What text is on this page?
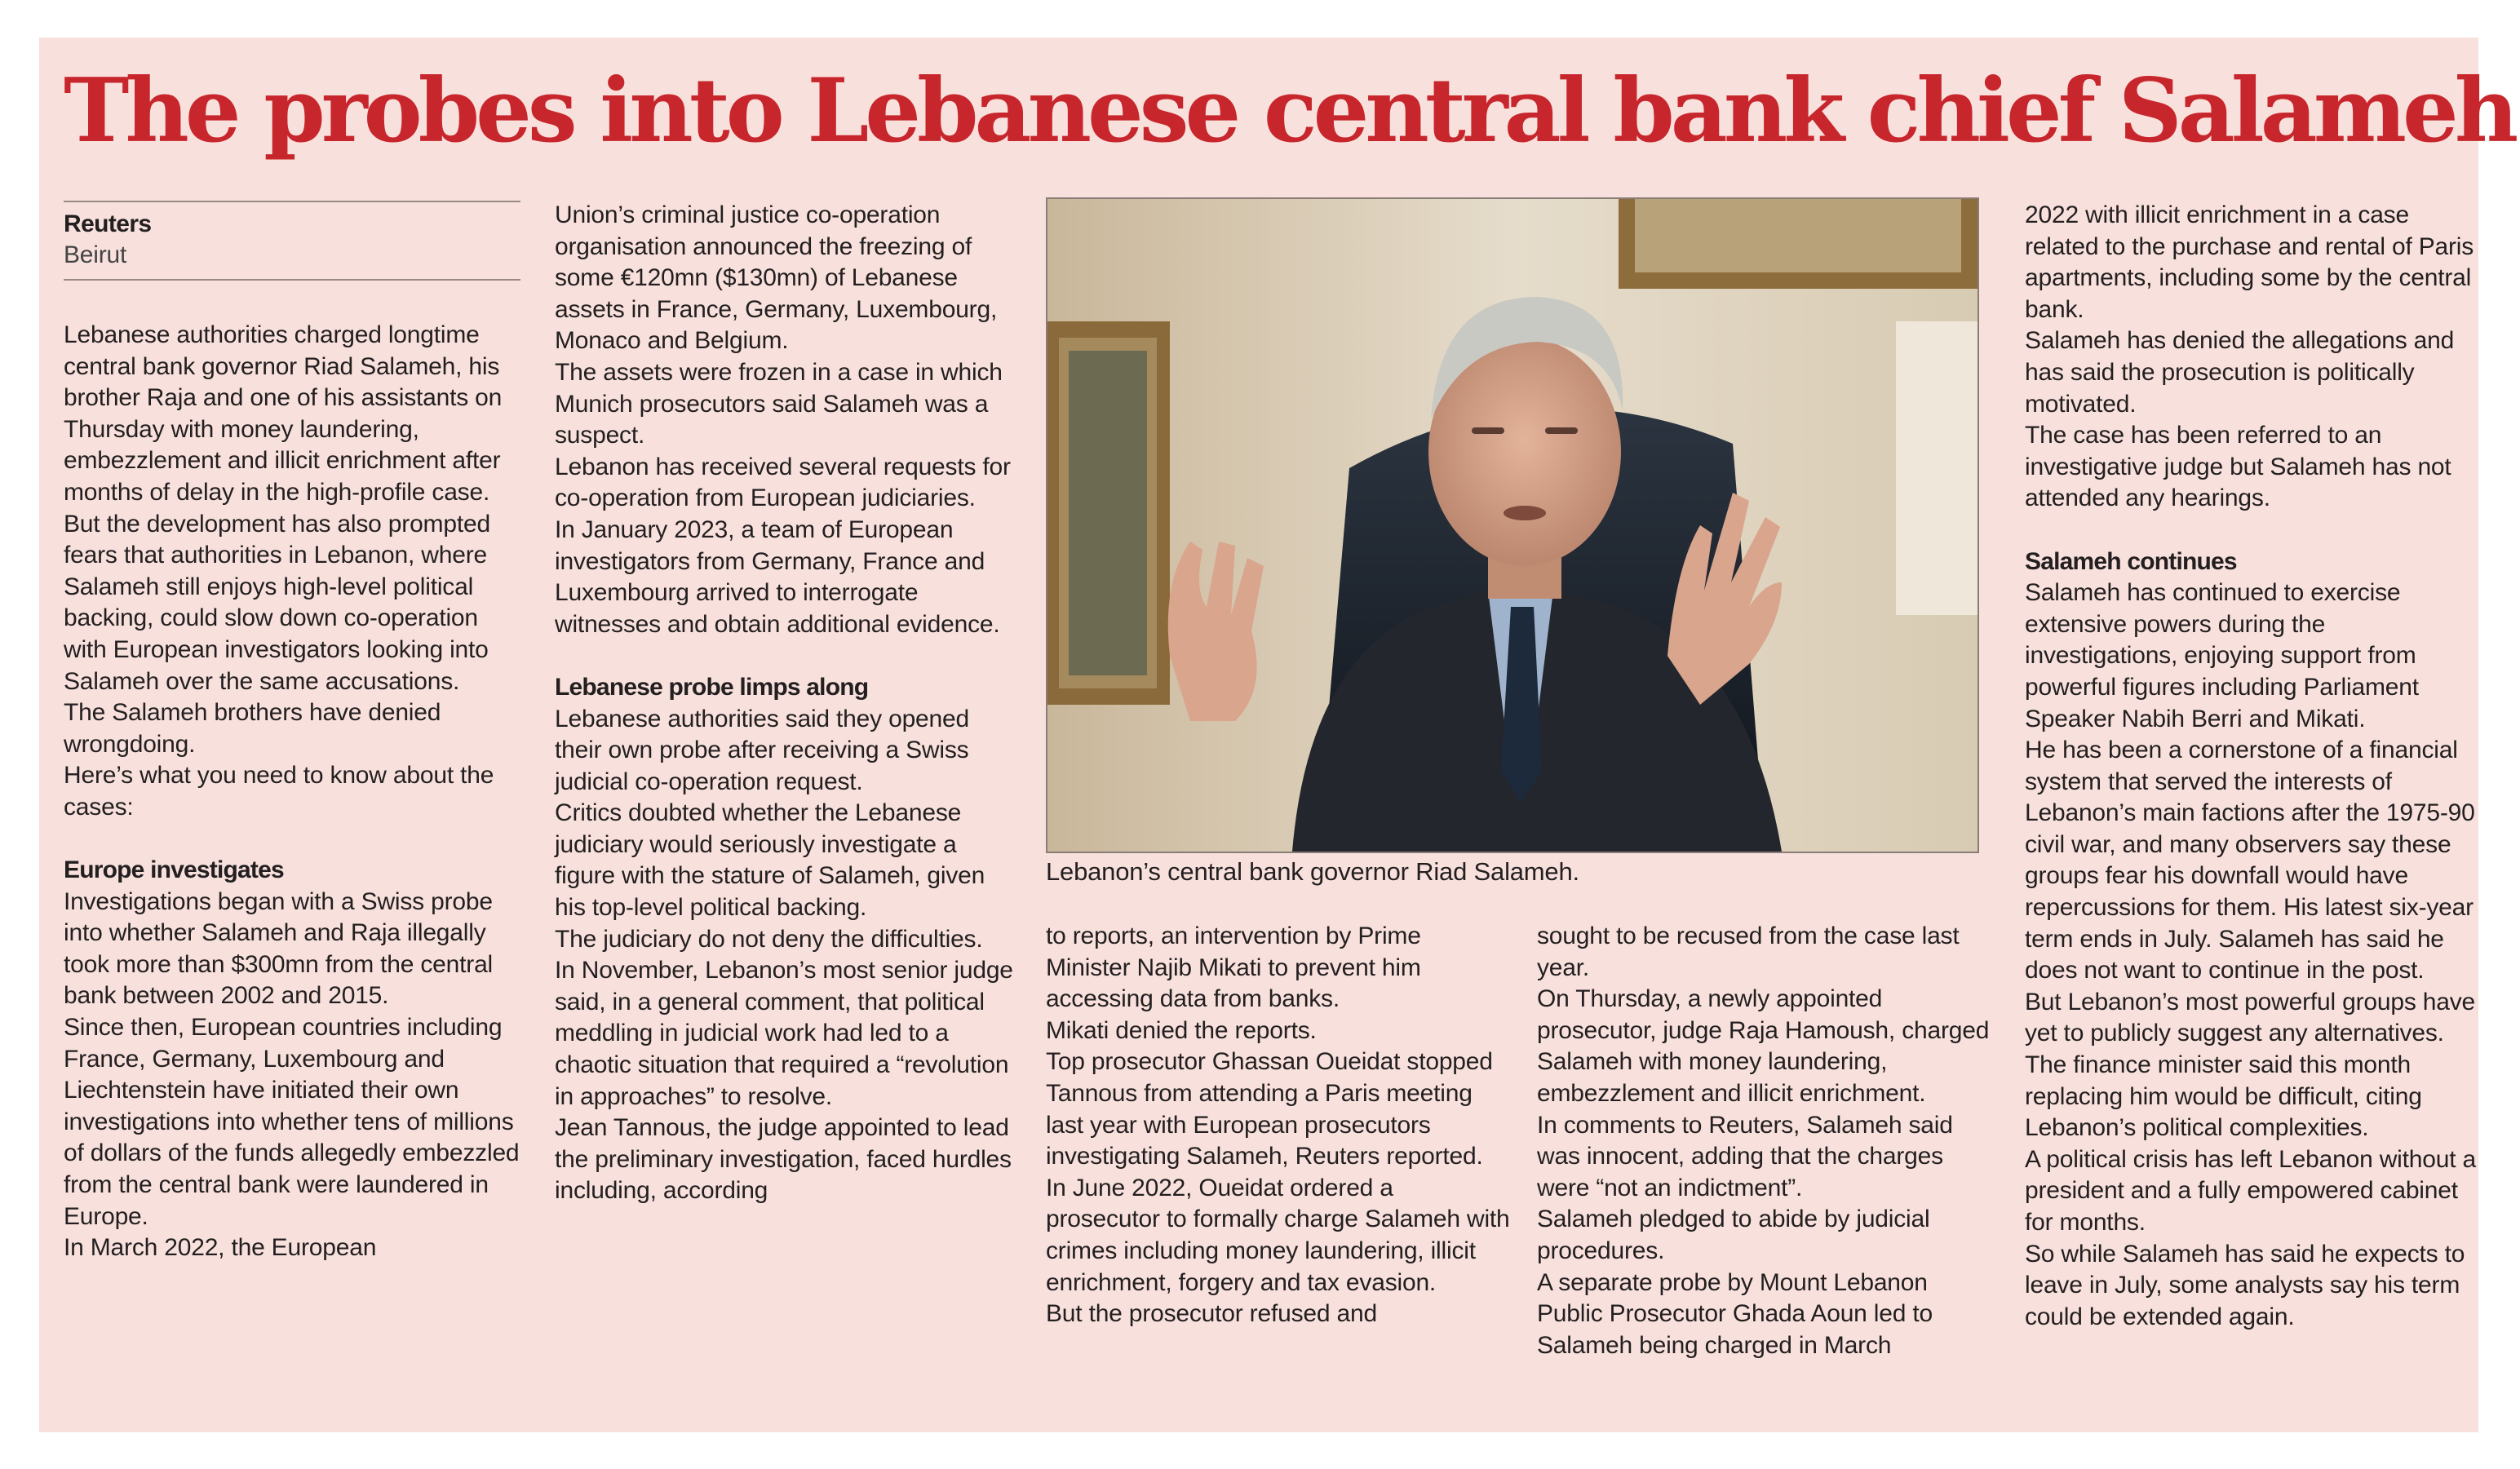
The probes into Lebanese central bank chief Salameh
Reuters
Beirut

Lebanese authorities charged longtime central bank governor Riad Salameh, his brother Raja and one of his assistants on Thursday with money laundering, embezzlement and illicit enrichment after months of delay in the high-profile case.

But the development has also prompted fears that authorities in Lebanon, where Salameh still enjoys high-level political backing, could slow down co-operation with European investigators looking into Salameh over the same accusations.

The Salameh brothers have denied wrongdoing.

Here’s what you need to know about the cases:

Europe investigates

Investigations began with a Swiss probe into whether Salameh and Raja illegally took more than $300mn from the central bank between 2002 and 2015.

Since then, European countries including France, Germany, Luxembourg and Liechtenstein have initiated their own investigations into whether tens of millions of dollars of the funds allegedly embezzled from the central bank were laundered in Europe.

In March 2022, the European

Union’s criminal justice co-operation organisation announced the freezing of some €120mn ($130mn) of Lebanese assets in France, Germany, Luxembourg, Monaco and Belgium.

The assets were frozen in a case in which Munich prosecutors said Salameh was a suspect.

Lebanon has received several requests for co-operation from European judiciaries.

In January 2023, a team of European investigators from Germany, France and Luxembourg arrived to interrogate witnesses and obtain additional evidence.

Lebanese probe limps along

Lebanese authorities said they opened their own probe after receiving a Swiss judicial co-operation request.

Critics doubted whether the Lebanese judiciary would seriously investigate a figure with the stature of Salameh, given his top-level political backing.

The judiciary do not deny the difficulties.

In November, Lebanon’s most senior judge said, in a general comment, that political meddling in judicial work had led to a chaotic situation that required a “revolution in approaches” to resolve.

Jean Tannous, the judge appointed to lead the preliminary investigation, faced hurdles including, according

Lebanon’s central bank governor Riad Salameh.

to reports, an intervention by Prime Minister Najib Mikati to prevent him accessing data from banks.

Mikati denied the reports.

Top prosecutor Ghassan Oueidat stopped Tannous from attending a Paris meeting last year with European prosecutors investigating Salameh, Reuters reported.

In June 2022, Oueidat ordered a prosecutor to formally charge Salameh with crimes including money laundering, illicit enrichment, forgery and tax evasion.

But the prosecutor refused and

sought to be recused from the case last year.

On Thursday, a newly appointed prosecutor, judge Raja Hamoush, charged Salameh with money laundering, embezzlement and illicit enrichment.

In comments to Reuters, Salameh said was innocent, adding that the charges were “not an indictment”.

Salameh pledged to abide by judicial procedures.

A separate probe by Mount Lebanon Public Prosecutor Ghada Aoun led to Salameh being charged in March

2022 with illicit enrichment in a case related to the purchase and rental of Paris apartments, including some by the central bank.

Salameh has denied the allegations and has said the prosecution is politically motivated.

The case has been referred to an investigative judge but Salameh has not attended any hearings.

Salameh continues

Salameh has continued to exercise extensive powers during the investigations, enjoying support from powerful figures including Parliament Speaker Nabih Berri and Mikati.

He has been a cornerstone of a financial system that served the interests of Lebanon’s main factions after the 1975-90 civil war, and many observers say these groups fear his downfall would have repercussions for them. His latest six-year term ends in July. Salameh has said he does not want to continue in the post.

But Lebanon’s most powerful groups have yet to publicly suggest any alternatives.

The finance minister said this month replacing him would be difficult, citing Lebanon’s political complexities.

A political crisis has left Lebanon without a president and a fully empowered cabinet for months.

So while Salameh has said he expects to leave in July, some analysts say his term could be extended again.
